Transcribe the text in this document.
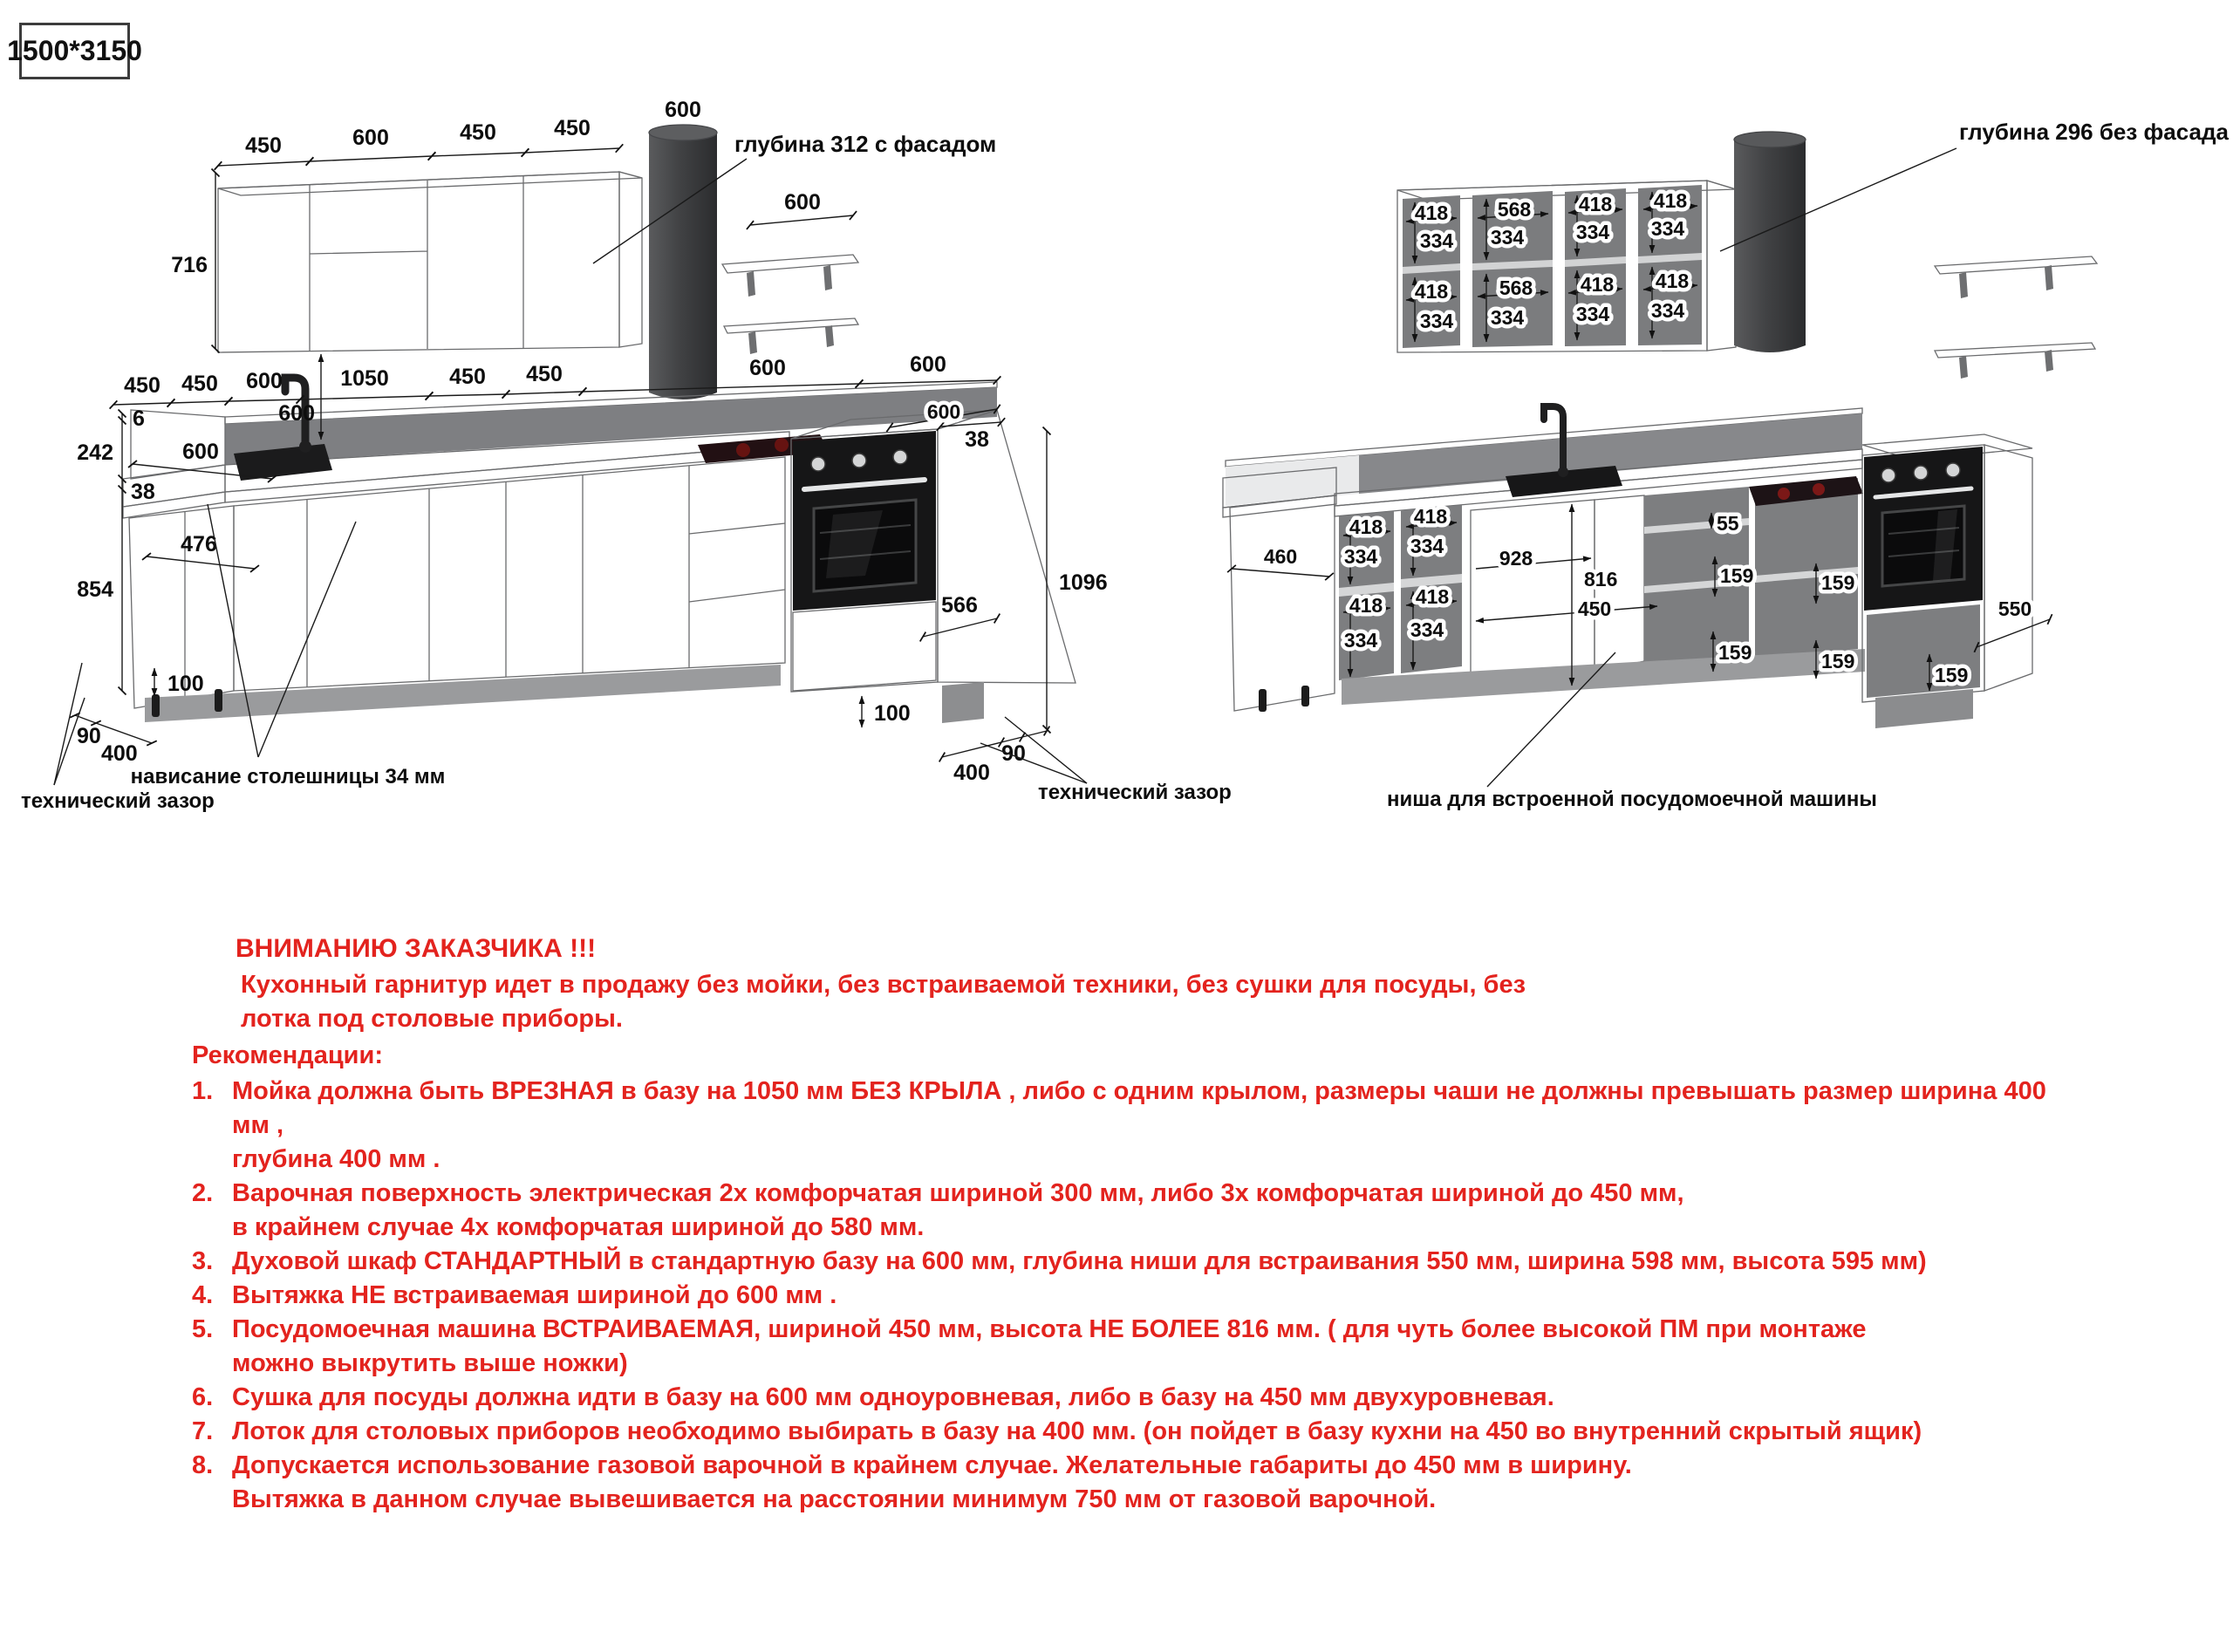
1500*3150
450	600	450	450
716
600
глубина 312 с фасадом
600
450 450 600	1050	450 450	600	600
600
6
242
38
854
600
476
100
90
400
технический зазор
нависание столешницы 34 мм
38
600
1096
566
100
400
90
технический зазор
418
334
418
334
568
334
568
334
418
334
418
334
418
334
418
334
глубина 296 без фасада
460
418
334
418
334
418
334
418
334
928
816
450
55
159
159
159
159
159
550
ниша для встроенной посудомоечной машины
ВНИМАНИЮ ЗАКАЗЧИКА !!!
Кухонный гарнитур идет в продажу без мойки, без встраиваемой техники, без сушки для посуды, без
лотка под столовые приборы.
Рекомендации:
1. Мойка должна быть ВРЕЗНАЯ в базу на 1050 мм БЕЗ КРЫЛА , либо с одним крылом, размеры чаши не должны превышать размер ширина 400 мм ,
глубина 400 мм .
2. Варочная поверхность электрическая 2х комфорчатая шириной 300 мм, либо 3х комфорчатая шириной до 450 мм,
в крайнем случае 4х комфорчатая шириной до 580 мм.
3. Духовой шкаф СТАНДАРТНЫЙ в стандартную базу на 600 мм, глубина ниши для встраивания 550 мм, ширина 598 мм, высота 595 мм)
4. Вытяжка НЕ встраиваемая шириной до 600 мм .
5. Посудомоечная машина ВСТРАИВАЕМАЯ, шириной 450 мм, высота НЕ БОЛЕЕ 816 мм. ( для чуть более высокой ПМ при монтаже
можно выкрутить выше ножки)
6. Сушка для посуды должна идти в базу на 600 мм одноуровневая, либо в базу на 450 мм двухуровневая.
7. Лоток для столовых приборов необходимо выбирать в базу на 400 мм. (он пойдет в базу кухни на 450 во внутренний скрытый ящик)
8. Допускается использование газовой варочной в крайнем случае. Желательные габариты до 450 мм в ширину.
Вытяжка в данном случае вывешивается на расстоянии минимум 750 мм от газовой варочной.
